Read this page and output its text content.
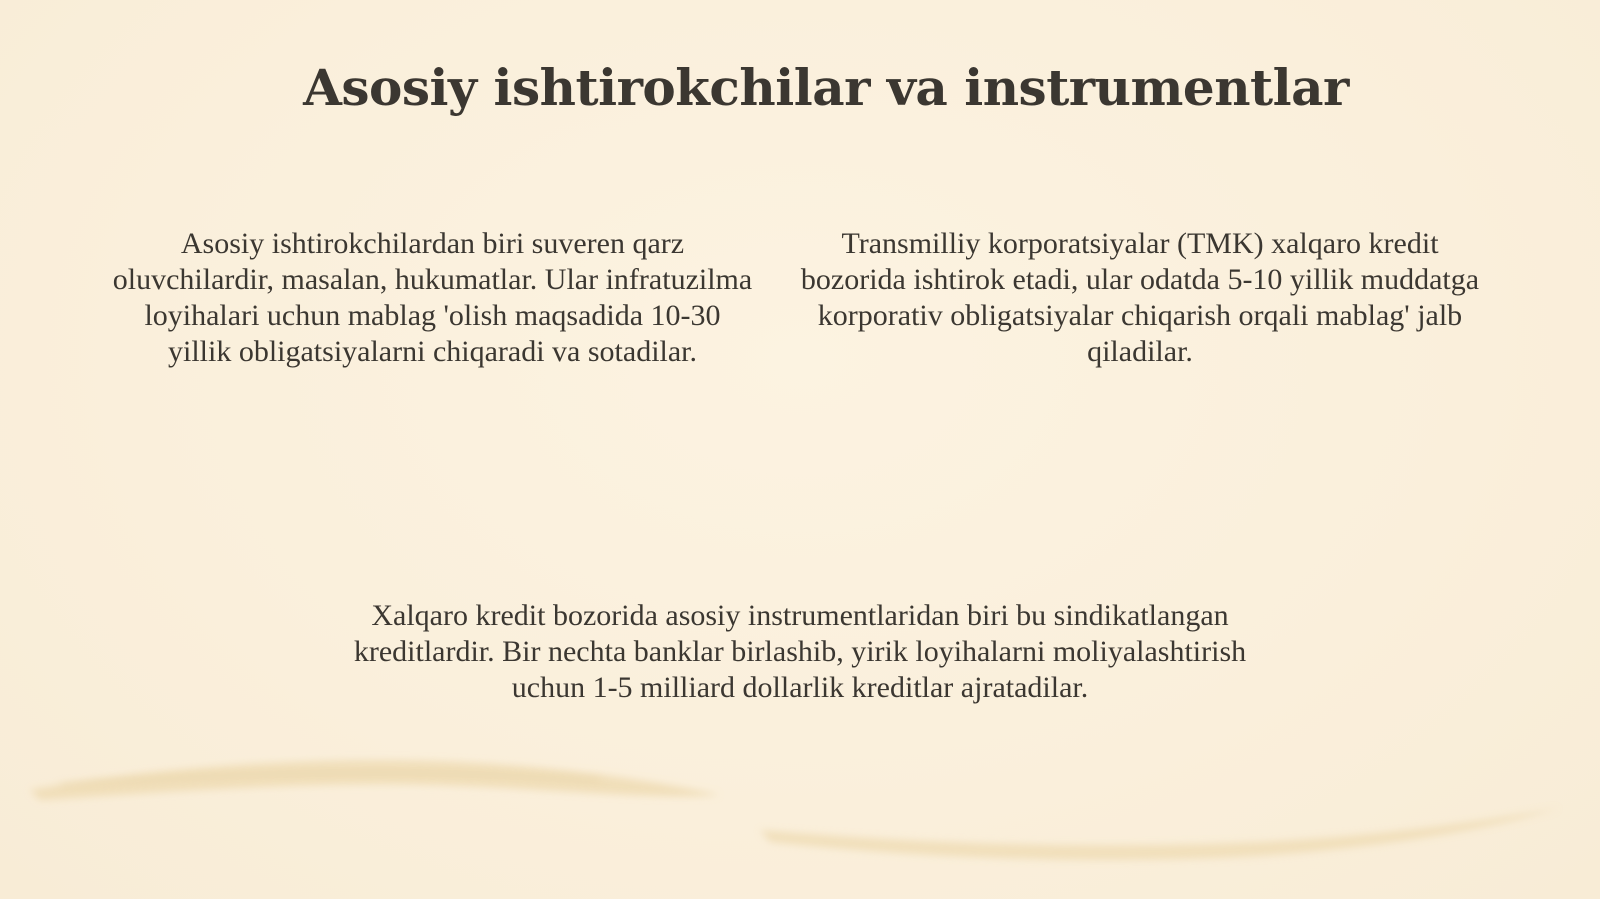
Asosiy ishtirokchilar va instrumentlar
Asosiy ishtirokchilardan biri suveren qarz oluvchilardir, masalan, hukumatlar. Ular infratuzilma loyihalari uchun mablag 'olish maqsadida 10-30 yillik obligatsiyalarni chiqaradi va sotadilar.
Transmilliy korporatsiyalar (TMK) xalqaro kredit bozorida ishtirok etadi, ular odatda 5-10 yillik muddatga korporativ obligatsiyalar chiqarish orqali mablag' jalb qiladilar.
Xalqaro kredit bozorida asosiy instrumentlaridan biri bu sindikatlangan kreditlardir. Bir nechta banklar birlashib, yirik loyihalarni moliyalashtirish uchun 1-5 milliard dollarlik kreditlar ajratadilar.
